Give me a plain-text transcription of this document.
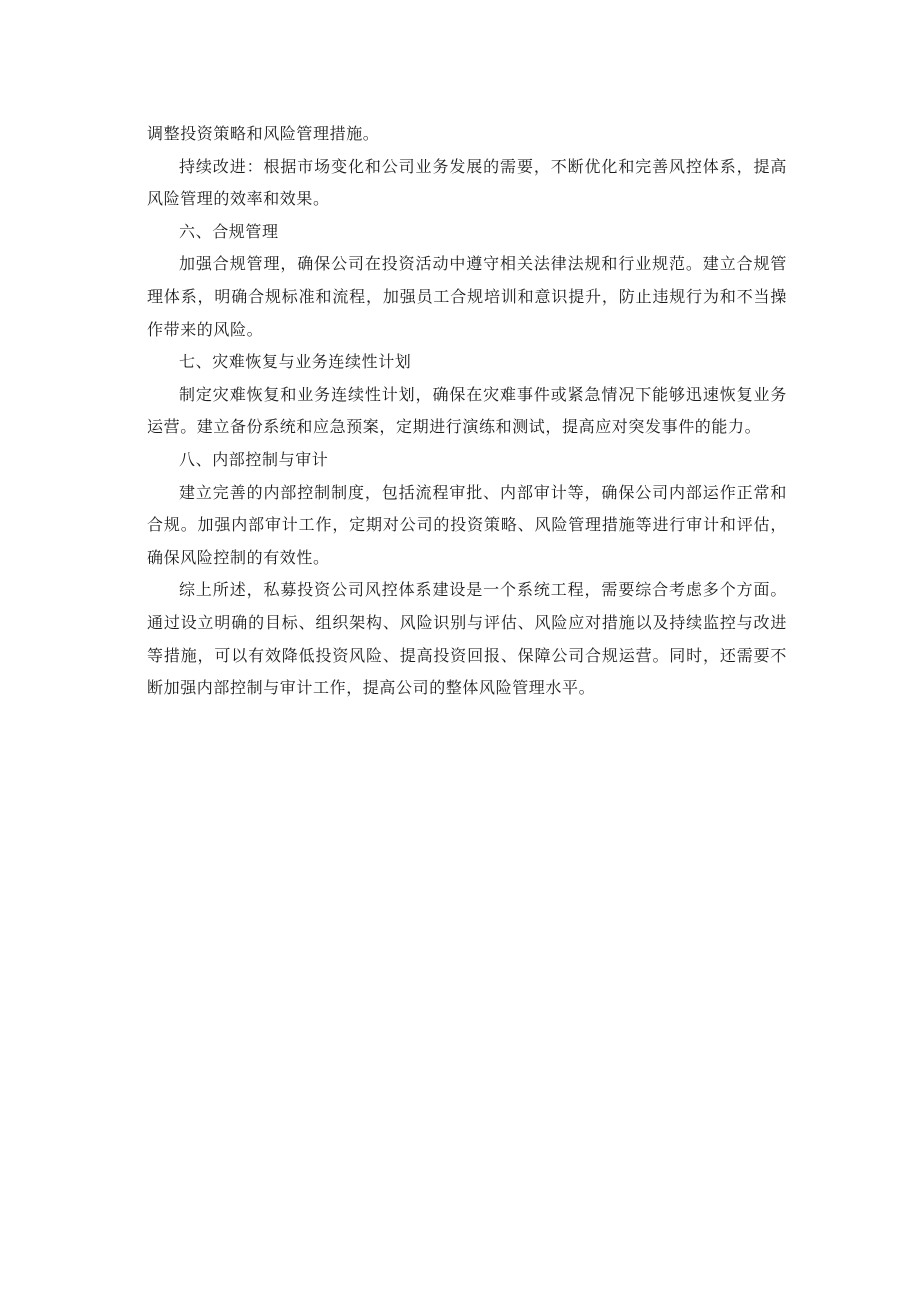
调整投资策略和风险管理措施。

持续改进：根据市场变化和公司业务发展的需要，不断优化和完善风控体系，提高风险管理的效率和效果。

六、合规管理

加强合规管理，确保公司在投资活动中遵守相关法律法规和行业规范。建立合规管理体系，明确合规标准和流程，加强员工合规培训和意识提升，防止违规行为和不当操作带来的风险。

七、灾难恢复与业务连续性计划

制定灾难恢复和业务连续性计划，确保在灾难事件或紧急情况下能够迅速恢复业务运营。建立备份系统和应急预案，定期进行演练和测试，提高应对突发事件的能力。

八、内部控制与审计

建立完善的内部控制制度，包括流程审批、内部审计等，确保公司内部运作正常和合规。加强内部审计工作，定期对公司的投资策略、风险管理措施等进行审计和评估，确保风险控制的有效性。

综上所述，私募投资公司风控体系建设是一个系统工程，需要综合考虑多个方面。通过设立明确的目标、组织架构、风险识别与评估、风险应对措施以及持续监控与改进等措施，可以有效降低投资风险、提高投资回报、保障公司合规运营。同时，还需要不断加强内部控制与审计工作，提高公司的整体风险管理水平。
